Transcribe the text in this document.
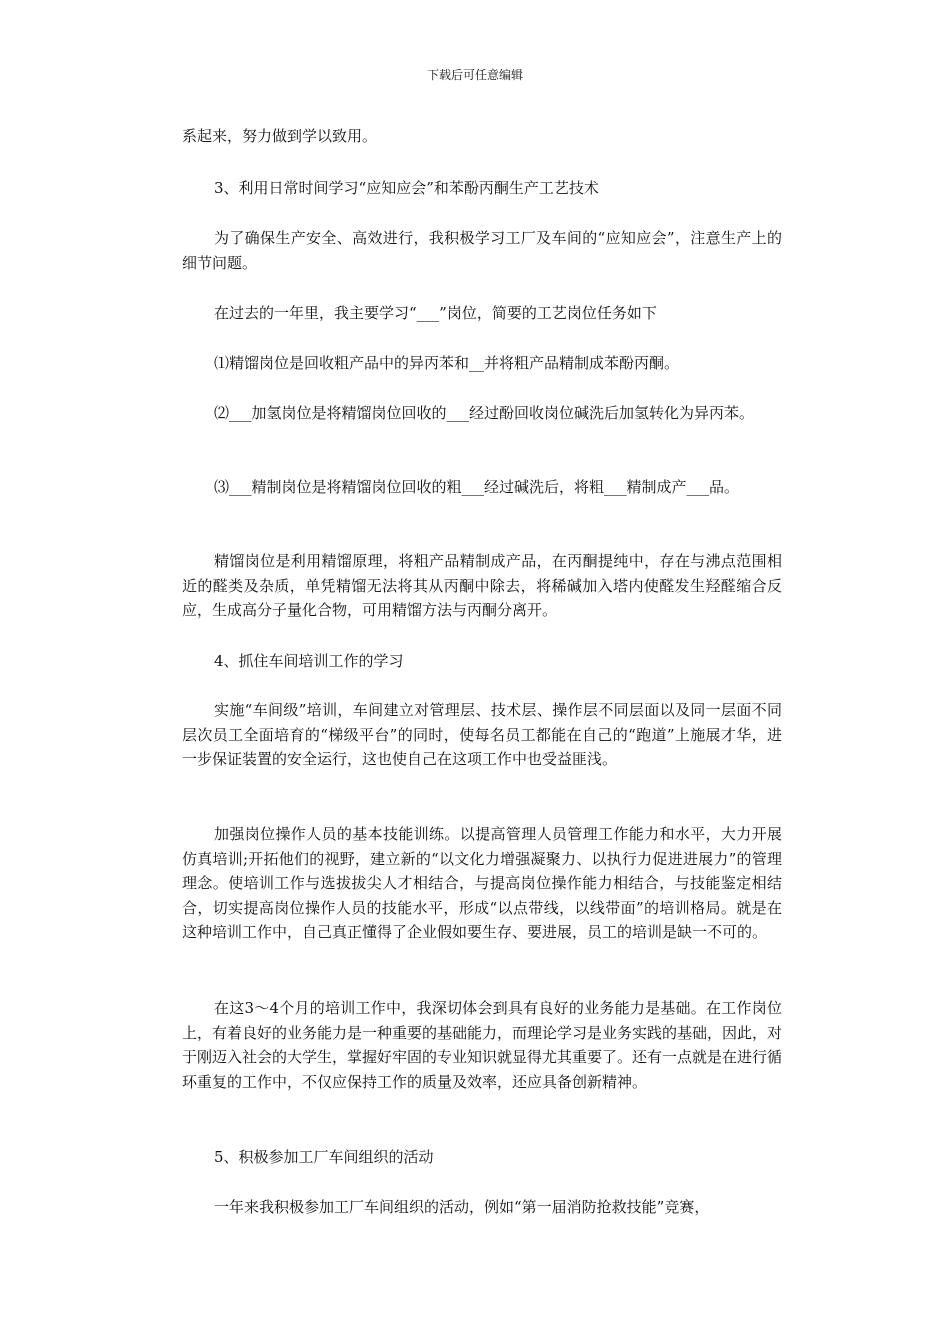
下载后可任意编辑

系起来，努力做到学以致用。

3、利用日常时间学习“应知应会”和苯酚丙酮生产工艺技术

为了确保生产安全、高效进行，我积极学习工厂及车间的“应知应会”，注意生产上的细节问题。

在过去的一年里，我主要学习“___”岗位，简要的工艺岗位任务如下

⑴精馏岗位是回收粗产品中的异丙苯和__并将粗产品精制成苯酚丙酮。

⑵___加氢岗位是将精馏岗位回收的___经过酚回收岗位碱洗后加氢转化为异丙苯。

⑶___精制岗位是将精馏岗位回收的粗___经过碱洗后，将粗___精制成产___品。

精馏岗位是利用精馏原理，将粗产品精制成产品，在丙酮提纯中，存在与沸点范围相近的醛类及杂质，单凭精馏无法将其从丙酮中除去，将稀碱加入塔内使醛发生羟醛缩合反应，生成高分子量化合物，可用精馏方法与丙酮分离开。

4、抓住车间培训工作的学习

实施“车间级”培训，车间建立对管理层、技术层、操作层不同层面以及同一层面不同层次员工全面培育的“梯级平台”的同时，使每名员工都能在自己的“跑道”上施展才华，进一步保证装置的安全运行，这也使自己在这项工作中也受益匪浅。

加强岗位操作人员的基本技能训练。以提高管理人员管理工作能力和水平，大力开展仿真培训;开拓他们的视野，建立新的“以文化力增强凝聚力、以执行力促进进展力”的管理理念。使培训工作与选拔拔尖人才相结合，与提高岗位操作能力相结合，与技能鉴定相结合，切实提高岗位操作人员的技能水平，形成“以点带线，以线带面”的培训格局。就是在这种培训工作中，自己真正懂得了企业假如要生存、要进展，员工的培训是缺一不可的。

在这3～4个月的培训工作中，我深切体会到具有良好的业务能力是基础。在工作岗位上，有着良好的业务能力是一种重要的基础能力，而理论学习是业务实践的基础，因此，对于刚迈入社会的大学生，掌握好牢固的专业知识就显得尤其重要了。还有一点就是在进行循环重复的工作中，不仅应保持工作的质量及效率，还应具备创新精神。

5、积极参加工厂车间组织的活动

一年来我积极参加工厂车间组织的活动，例如“第一届消防抢救技能”竞赛，
